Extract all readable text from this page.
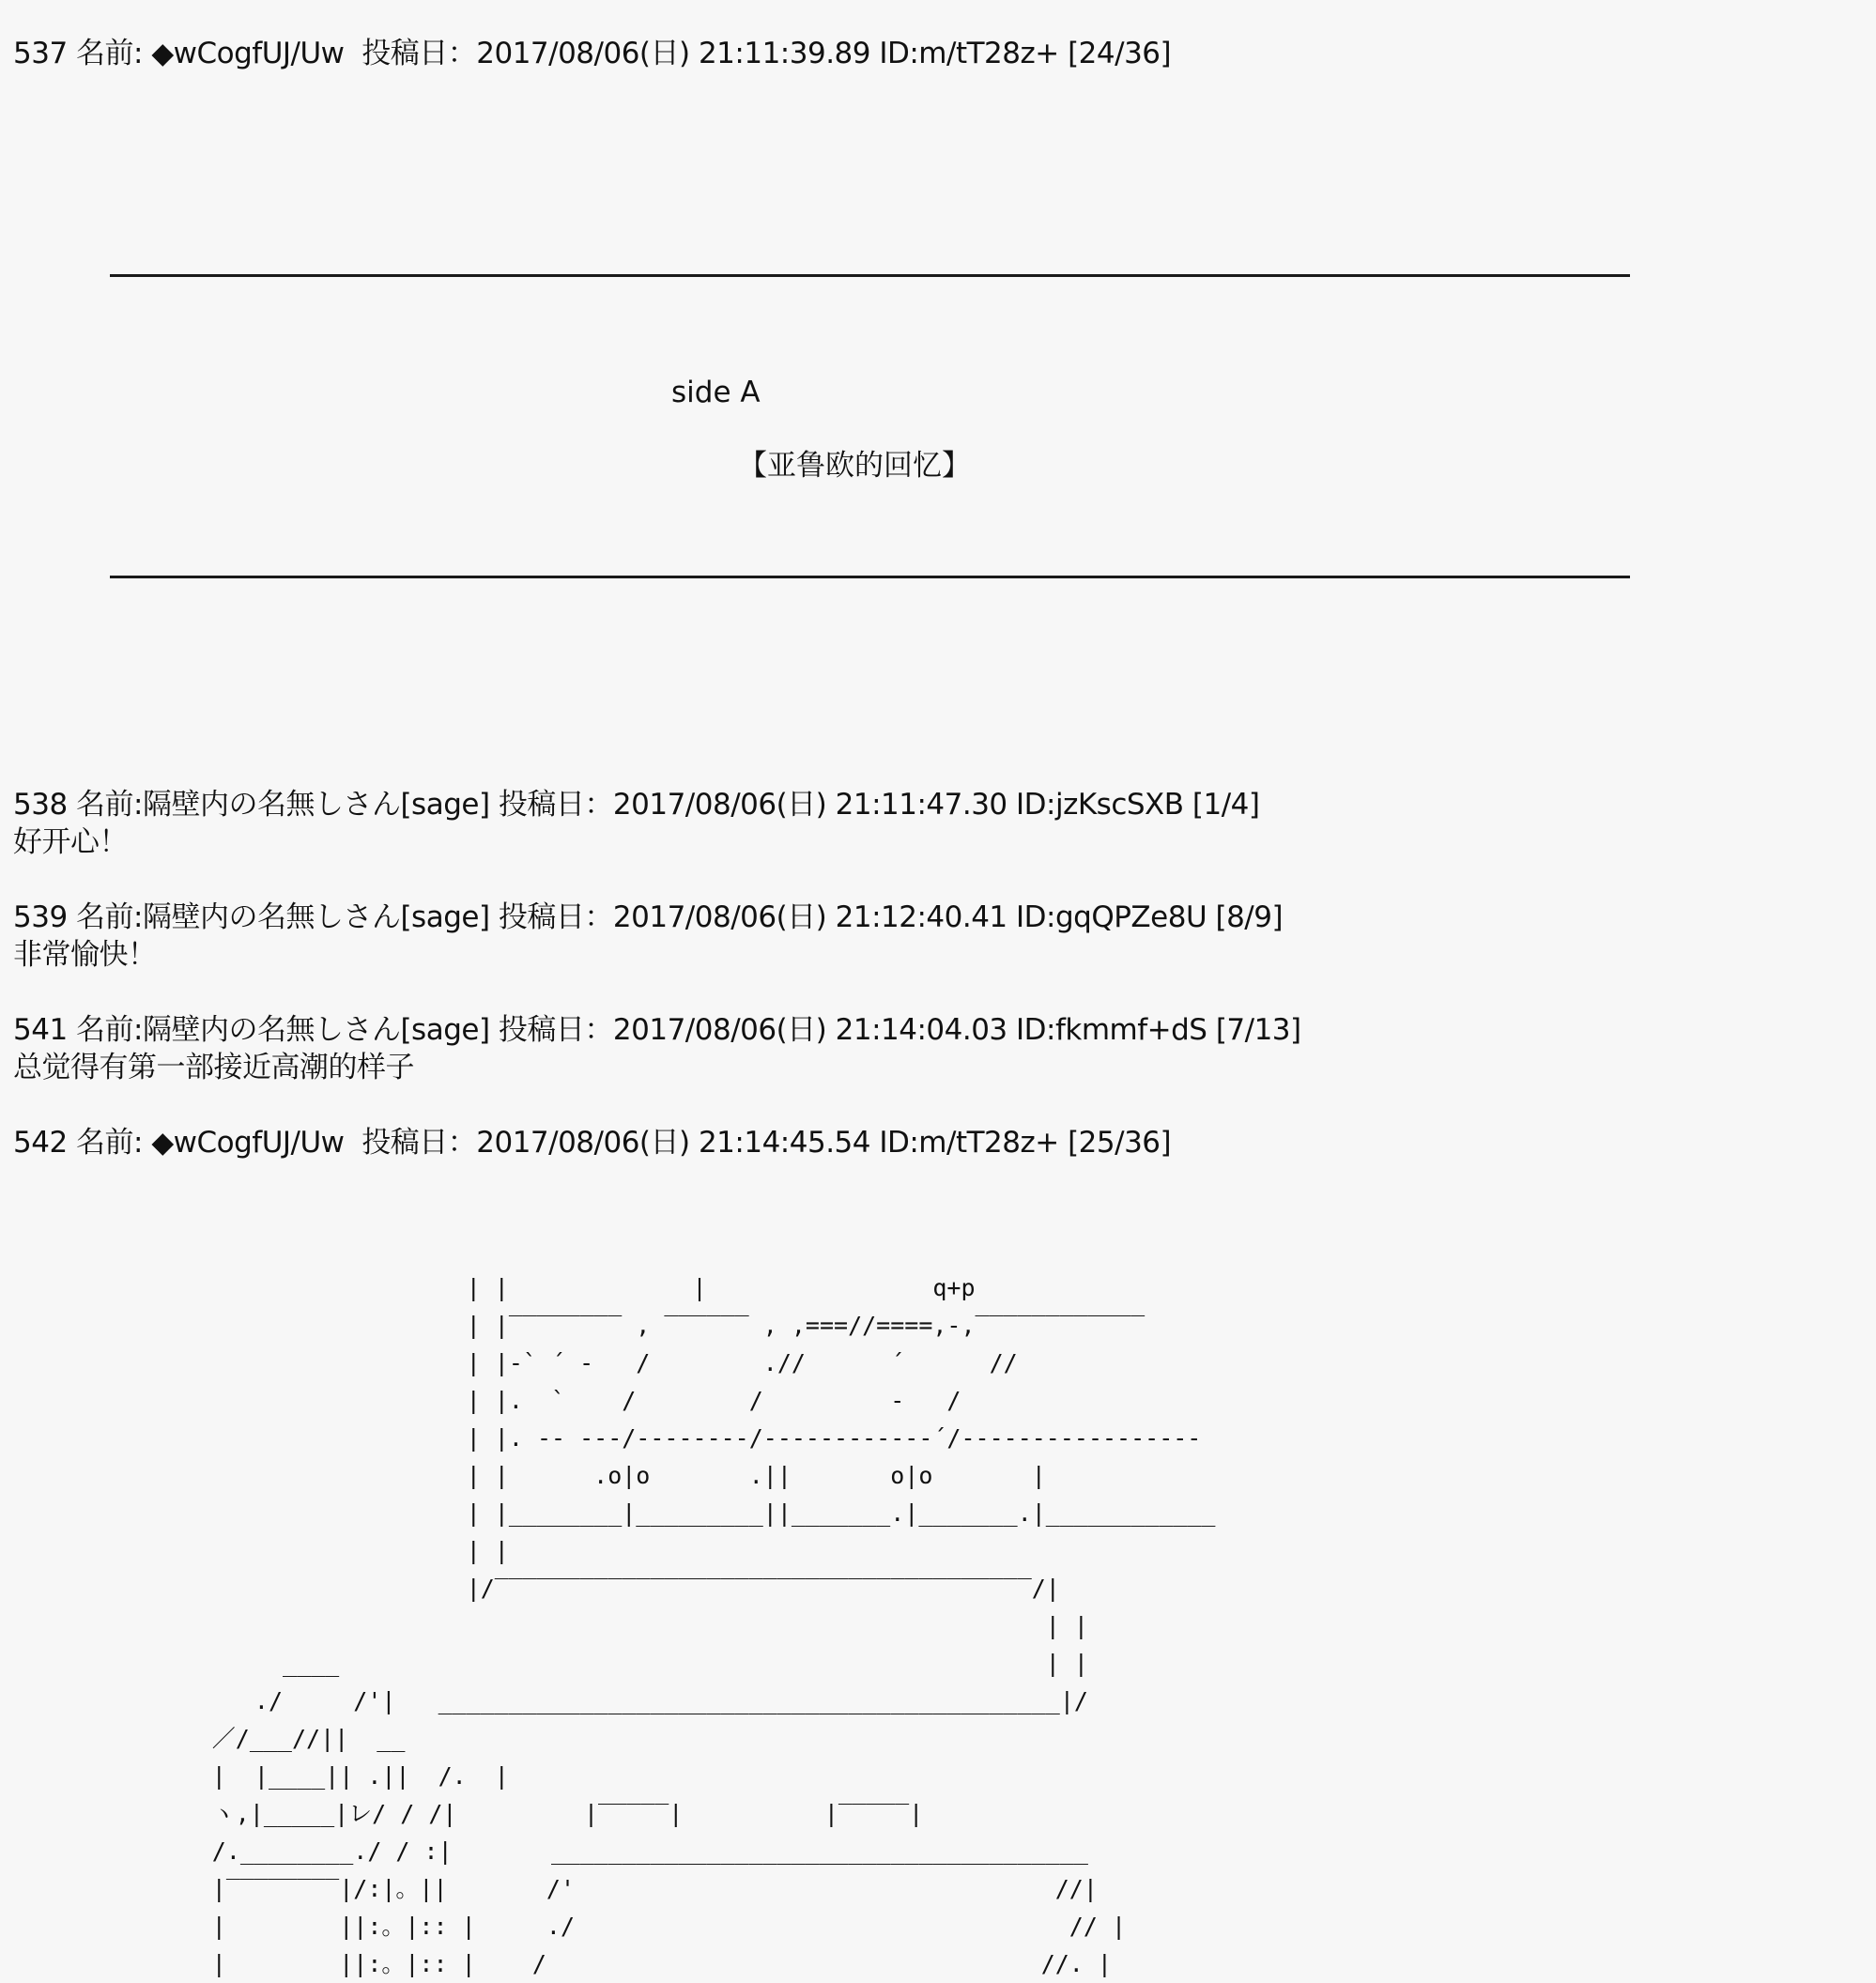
537 名前: ◆wCogfUJ/Uw  投稿日：2017/08/06(日) 21:11:39.89 ID:m/tT28z+ [24/36]
side A
【亚鲁欧的回忆】
538 名前:隔壁内の名無しさん[sage] 投稿日：2017/08/06(日) 21:11:47.30 ID:jzKscSXB [1/4]
好开心！
539 名前:隔壁内の名無しさん[sage] 投稿日：2017/08/06(日) 21:12:40.41 ID:gqQPZe8U [8/9]
非常愉快！
541 名前:隔壁内の名無しさん[sage] 投稿日：2017/08/06(日) 21:14:04.03 ID:fkmmf+dS [7/13]
总觉得有第一部接近高潮的样子
542 名前: ◆wCogfUJ/Uw  投稿日：2017/08/06(日) 21:14:45.54 ID:m/tT28z+ [25/36]
| |             |                q+p
| |‾‾‾‾‾‾‾‾ , ‾‾‾‾‾‾ , ,===//====,-,‾‾‾‾‾‾‾‾‾‾‾‾
| |-` ´ -   /        .//      ´      //
| |.  `    /        /         -   /
| |. -- ---/--------/--‐-‐-‐-‐--‐´/-----------------
| |      .o|o       .||       o|o       |
| |________|_________||_______.|_______.|____________
| |
|/‾‾‾‾‾‾‾‾‾‾‾‾‾‾‾‾‾‾‾‾‾‾‾‾‾‾‾‾‾‾‾‾‾‾‾‾‾‾/|
| |
____                                                  | |
./     /'|   ____________________________________________|/
／/___//||  __
|  |____|| .||  /.  |
ヽ,|_____|レ/ / /|         |‾‾‾‾‾|          |‾‾‾‾‾|
/.________./ / :|       ______________________________________
|‾‾‾‾‾‾‾‾|/:|。||       /'                                  //|
|        ||:。|:: |     ./                                   // |
|        ||:。|:: |    /                                   //. |
